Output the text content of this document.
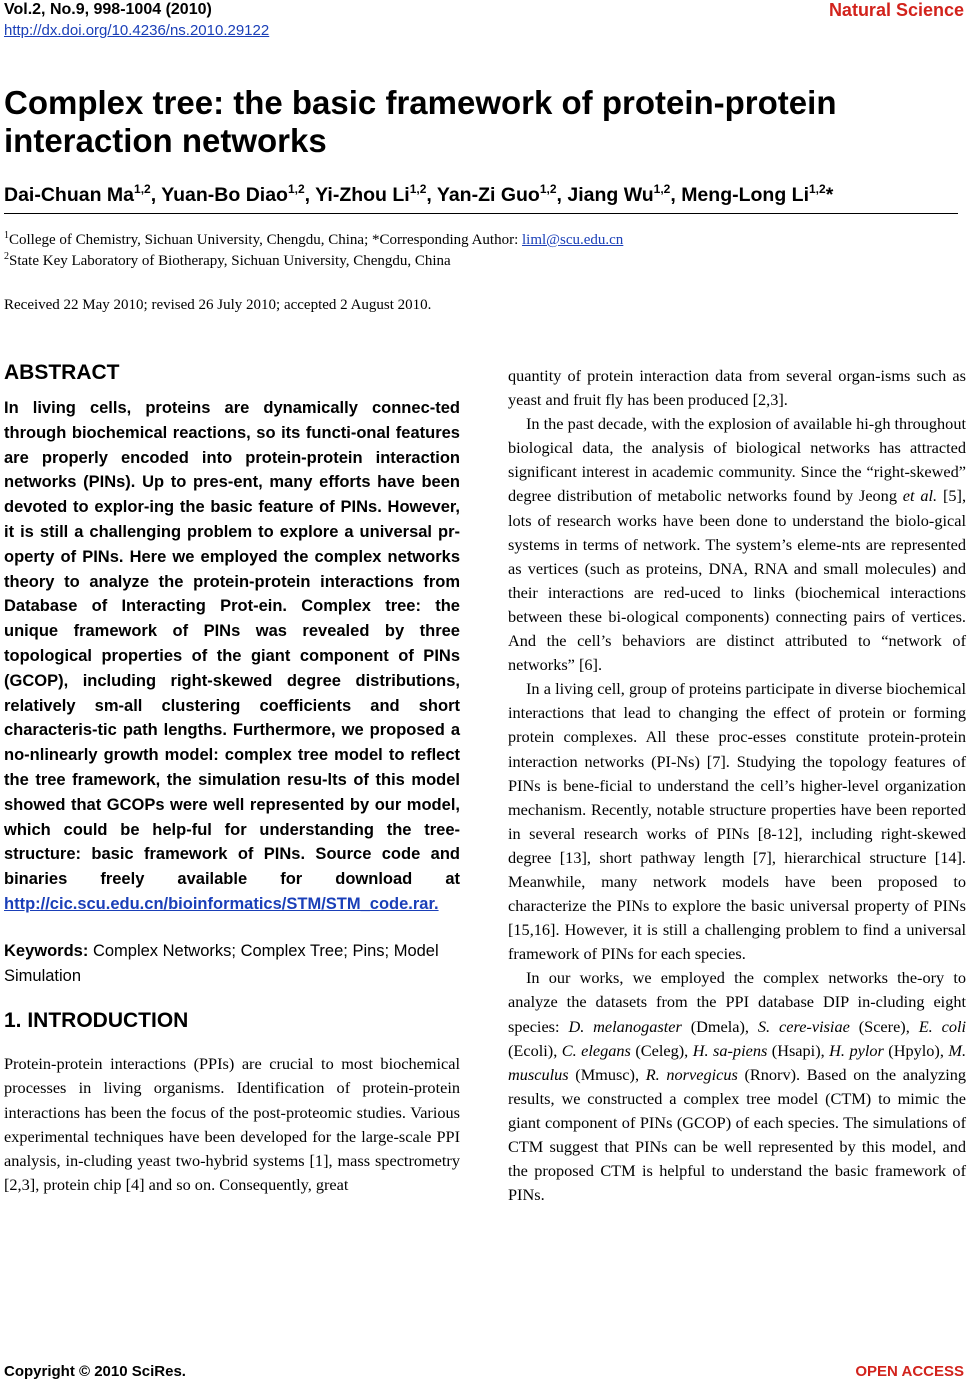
Vol.2, No.9, 998-1004 (2010)
http://dx.doi.org/10.4236/ns.2010.29122
Natural Science
Complex tree: the basic framework of protein-protein interaction networks
Dai-Chuan Ma$^{1,2}$, Yuan-Bo Diao$^{1,2}$, Yi-Zhou Li$^{1,2}$, Yan-Zi Guo$^{1,2}$, Jiang Wu$^{1,2}$, Meng-Long Li$^{1,2}$*
$^1$College of Chemistry, Sichuan University, Chengdu, China; *Corresponding Author: liml@scu.edu.cn
$^2$State Key Laboratory of Biotherapy, Sichuan University, Chengdu, China
Received 22 May 2010; revised 26 July 2010; accepted 2 August 2010.
ABSTRACT

In living cells, proteins are dynamically connec-ted through biochemical reactions, so its functi-onal features are properly encoded into protein-protein interaction networks (PINs). Up to pres-ent, many efforts have been devoted to explor-ing the basic feature of PINs. However, it is still a challenging problem to explore a universal pr-operty of PINs. Here we employed the complex networks theory to analyze the protein-protein interactions from Database of Interacting Prot-ein. Complex tree: the unique framework of PINs was revealed by three topological properties of the giant component of PINs (GCOP), including right-skewed degree distributions, relatively sm-all clustering coefficients and short characteris-tic path lengths. Furthermore, we proposed a no-nlinearly growth model: complex tree model to reflect the tree framework, the simulation resu-lts of this model showed that GCOPs were well represented by our model, which could be help-ful for understanding the tree-structure: basic framework of PINs. Source code and binaries freely available for download at http://cic.scu.edu.cn/bioinformatics/STM/STM_code.rar.

Keywords: Complex Networks; Complex Tree; Pins; Model Simulation

1. INTRODUCTION

Protein-protein interactions (PPIs) are crucial to most biochemical processes in living organisms. Identification of protein-protein interactions has been the focus of the post-proteomic studies. Various experimental techniques have been developed for the large-scale PPI analysis, in-cluding yeast two-hybrid systems [1], mass spectrometry [2,3], protein chip [4] and so on. Consequently, great

quantity of protein interaction data from several organ-isms such as yeast and fruit fly has been produced [2,3].

In the past decade, with the explosion of available hi-gh throughout biological data, the analysis of biological networks has attracted significant interest in academic community. Since the “right-skewed” degree distribution of metabolic networks found by Jeong et al. [5], lots of research works have been done to understand the biolo-gical systems in terms of network. The system’s eleme-nts are represented as vertices (such as proteins, DNA, RNA and small molecules) and their interactions are red-uced to links (biochemical interactions between these bi-ological components) connecting pairs of vertices. And the cell’s behaviors are distinct attributed to “network of networks” [6].

In a living cell, group of proteins participate in diverse biochemical interactions that lead to changing the effect of protein or forming protein complexes. All these proc-esses constitute protein-protein interaction networks (PI-Ns) [7]. Studying the topology features of PINs is bene-ficial to understand the cell’s higher-level organization mechanism. Recently, notable structure properties have been reported in several research works of PINs [8-12], including right-skewed degree [13], short pathway length [7], hierarchical structure [14]. Meanwhile, many network models have been proposed to characterize the PINs to explore the basic universal property of PINs [15,16]. However, it is still a challenging problem to find a universal framework of PINs for each species.

In our works, we employed the complex networks the-ory to analyze the datasets from the PPI database DIP in-cluding eight species: D. melanogaster (Dmela), S. cere-visiae (Scere), E. coli (Ecoli), C. elegans (Celeg), H. sa-piens (Hsapi), H. pylor (Hpylo), M. musculus (Mmusc), R. norvegicus (Rnorv). Based on the analyzing results, we constructed a complex tree model (CTM) to mimic the giant component of PINs (GCOP) of each species. The simulations of CTM suggest that PINs can be well represented by this model, and the proposed CTM is helpful to understand the basic framework of PINs.

Copyright © 2010 SciRes.	OPEN ACCESS
